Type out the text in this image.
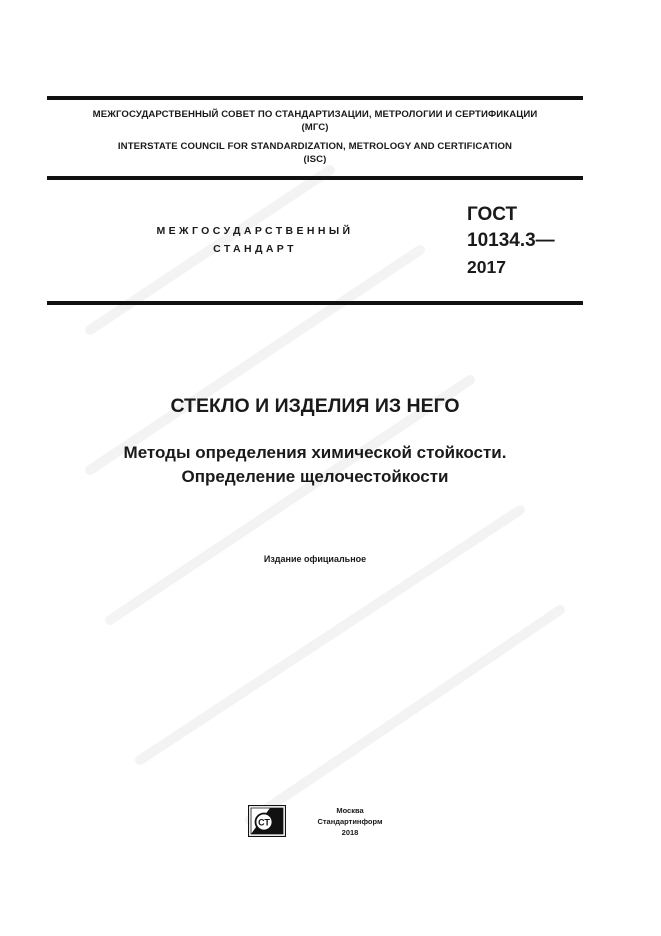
МЕЖГОСУДАРСТВЕННЫЙ СОВЕТ ПО СТАНДАРТИЗАЦИИ, МЕТРОЛОГИИ И СЕРТИФИКАЦИИ
(МГС)
INTERSTATE COUNCIL FOR STANDARDIZATION, METROLOGY AND CERTIFICATION
(ISC)
МЕЖГОСУДАРСТВЕННЫЙ
СТАНДАРТ
ГОСТ
10134.3—
2017
СТЕКЛО И ИЗДЕЛИЯ ИЗ НЕГО
Методы определения химической стойкости.
Определение щелочестойкости
Издание официальное
СТ
Москва
Стандартинформ
2018
